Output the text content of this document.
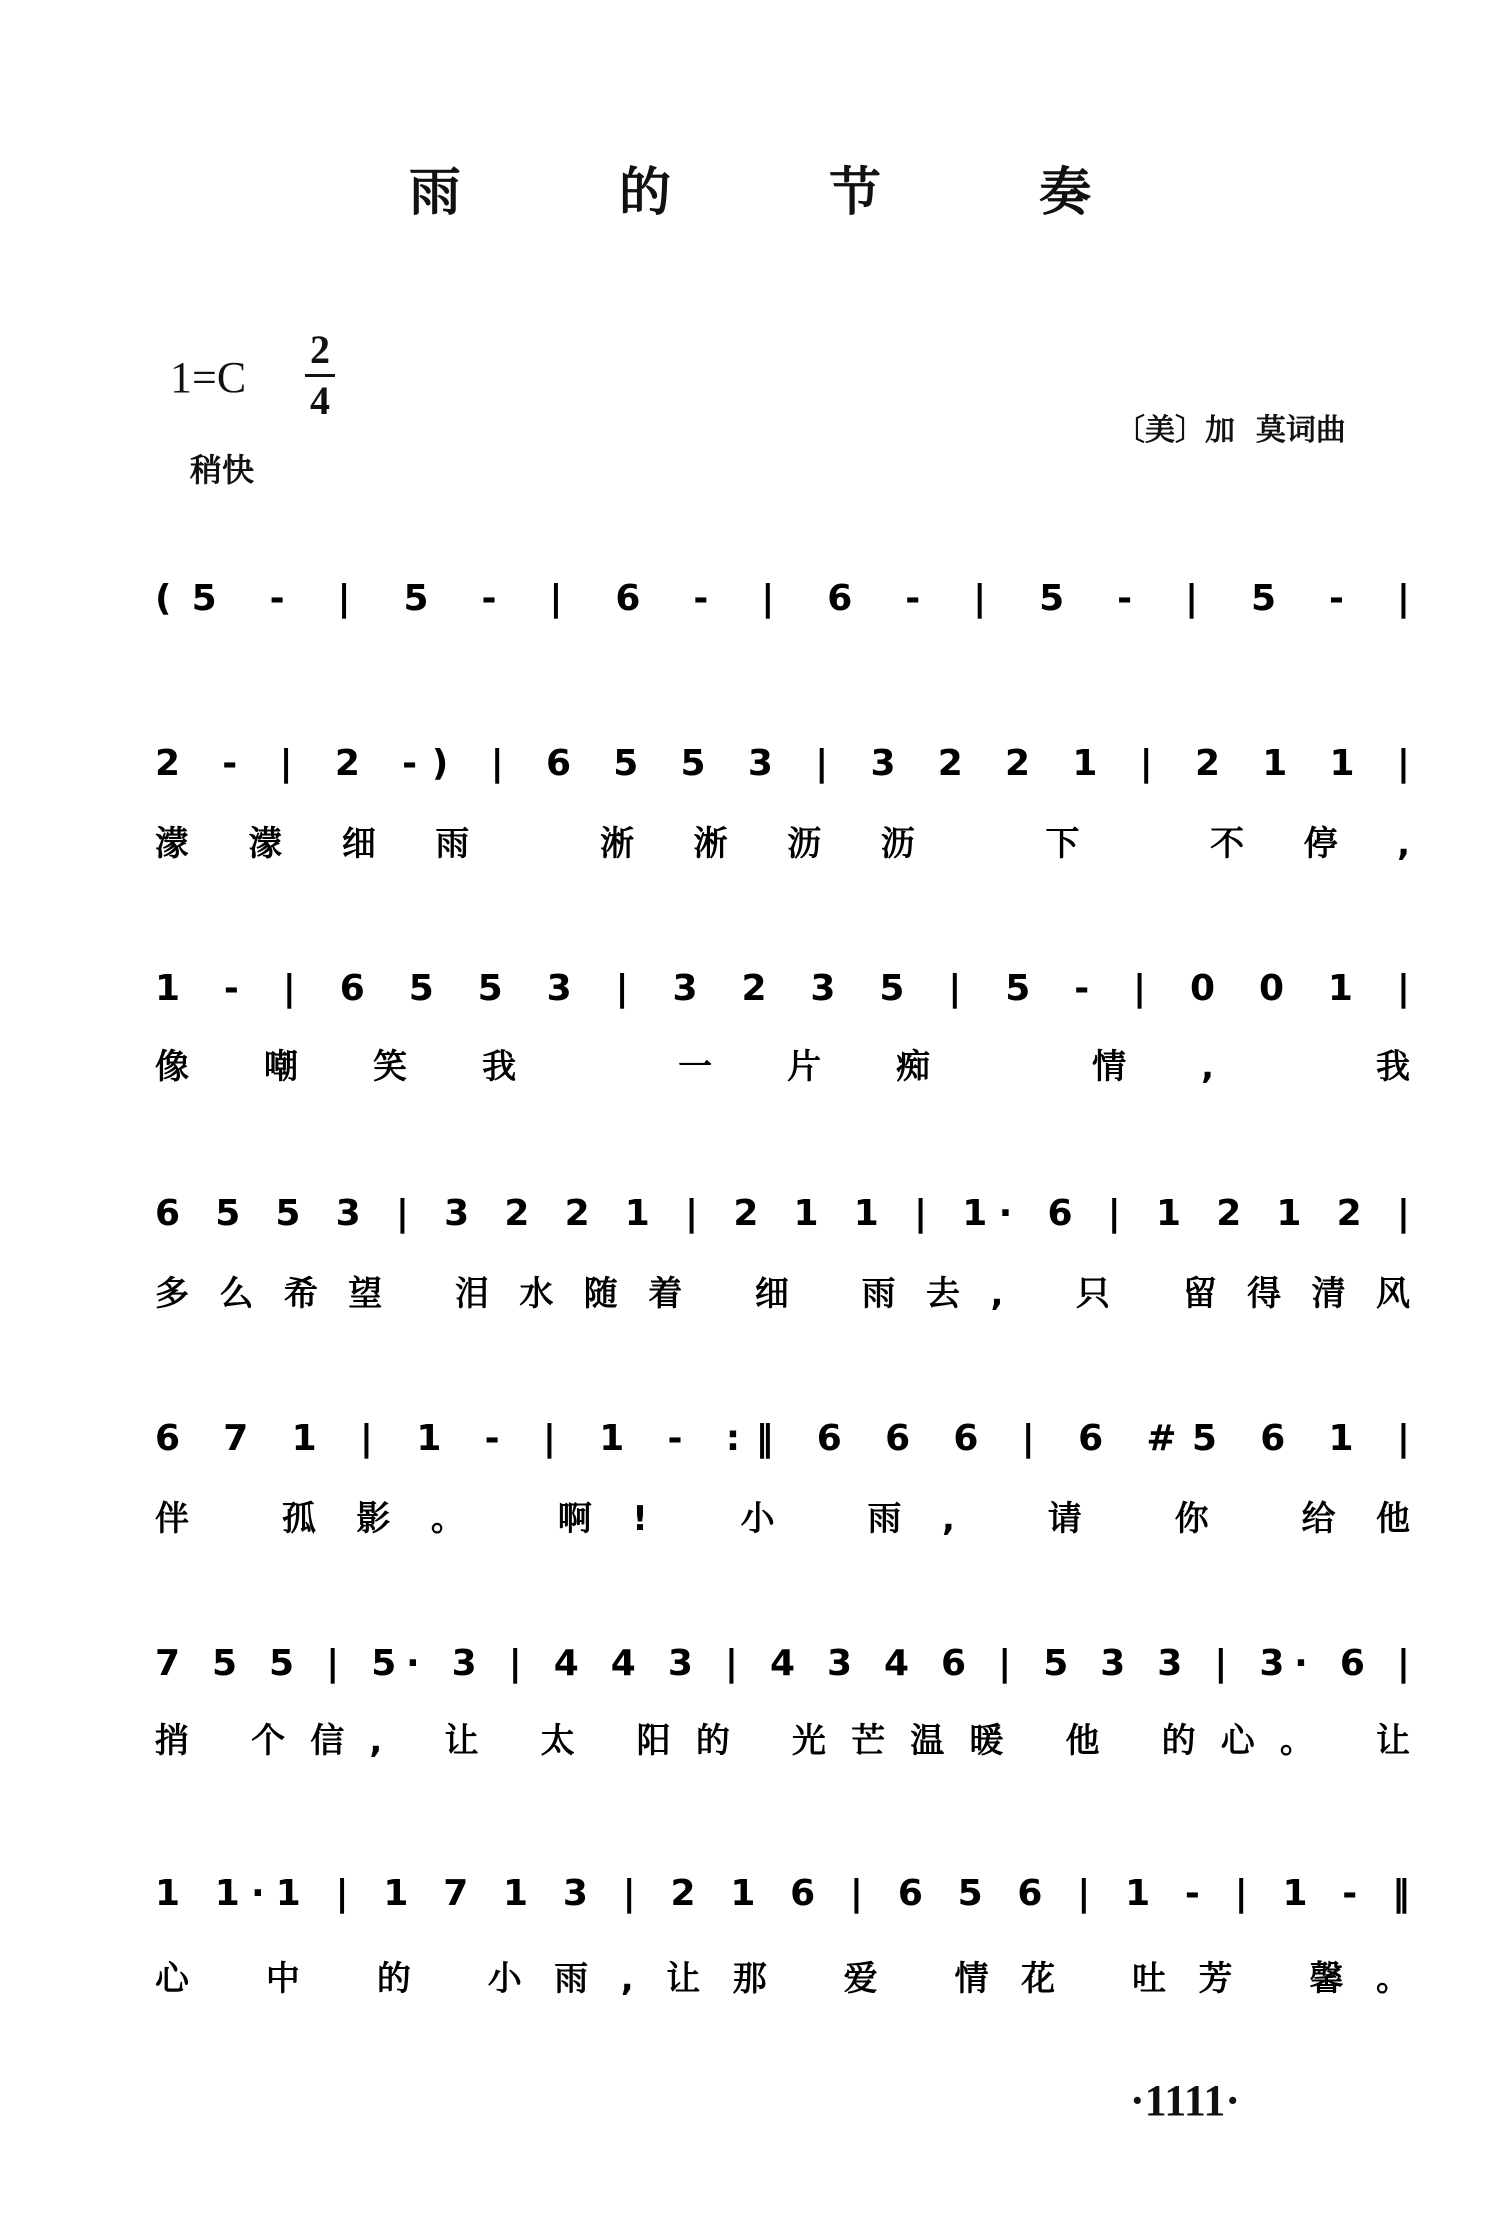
雨 的 节 奏
1=C
2
4
稍快
〔美〕加  莫词曲
(5 - | 5 - | 6 - | 6 - | 5 - | 5 - |
2 - | 2 -) | 6 5 5 3 | 3 2 2 1 | 2 1 1 |
濛濛细雨 淅淅沥沥 下 不停,
1 - | 6 5 5 3 | 3 2 3 5 | 5 - | 0 0 1 |
像嘲笑我 一片痴 情, 我
6 5 5 3 | 3 2 2 1 | 2 1 1 | 1· 6 | 1 2 1 2 |
多么希望 泪水随着 细 雨去, 只 留得清风
6 7 1 | 1 - | 1 - :‖ 6 6 6 | 6 #5 6 1 |
伴 孤影。 啊! 小 雨, 请 你 给他
7 5 5 | 5· 3 | 4 4 3 | 4 3 4 6 | 5 3 3 | 3· 6 |
捎 个信, 让 太 阳的 光芒温暖 他 的心。 让
1 1·1 | 1 7 1 3 | 2 1 6 | 6 5 6 | 1 - | 1 - ‖
心 中 的 小雨,让那 爱 情花 吐芳 馨。
·1111·
